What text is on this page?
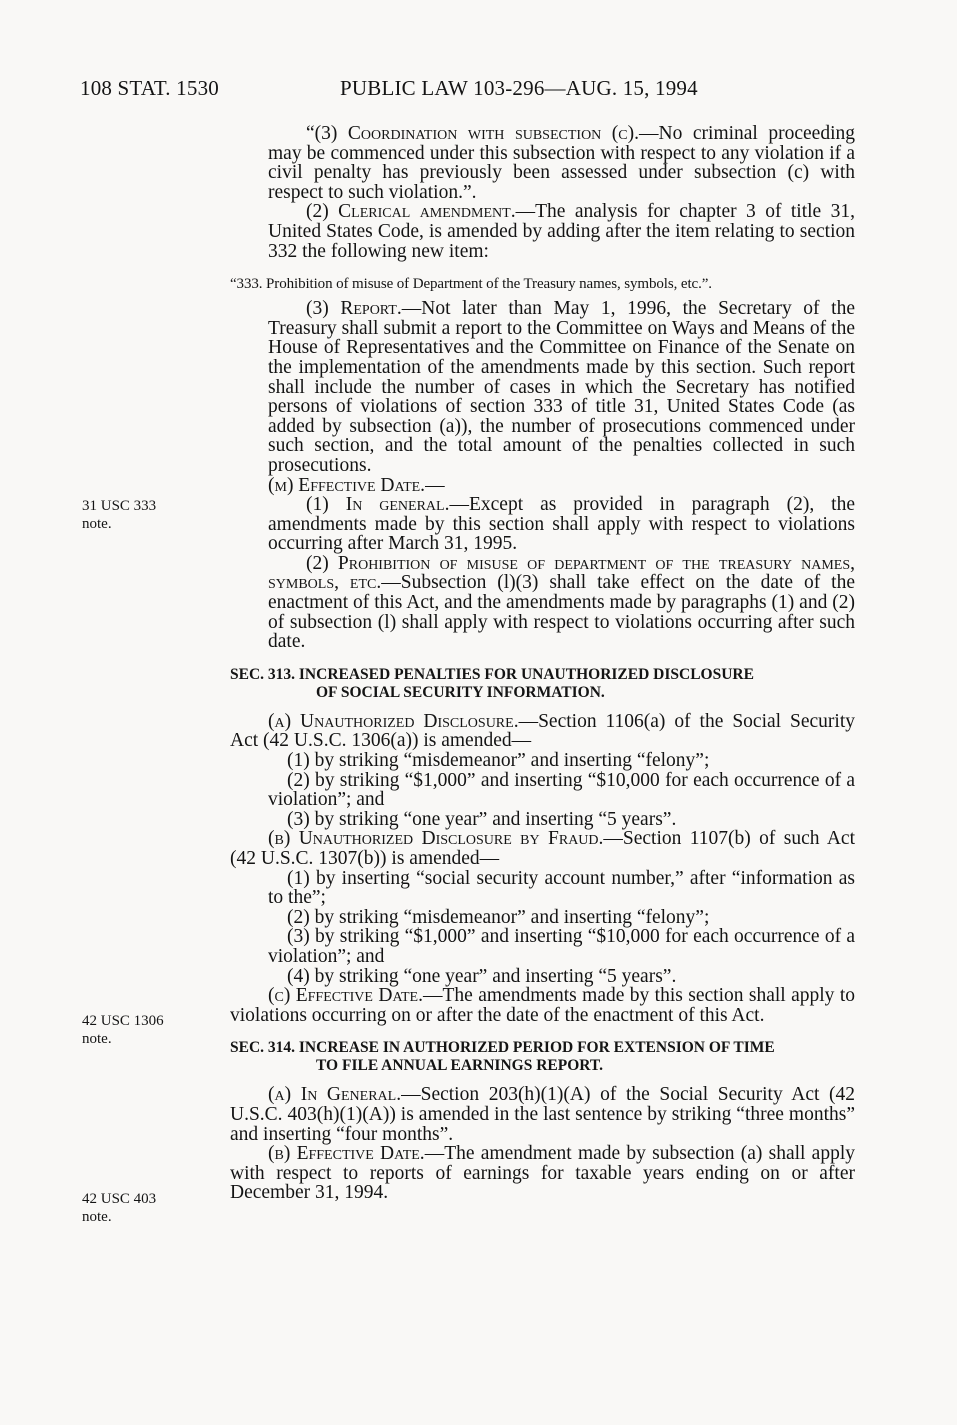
108 STAT. 1530	PUBLIC LAW 103-296—AUG. 15, 1994
31 USC 333
note.
42 USC 1306
note.
42 USC 403
note.

“(3) Coordination with subsection (c).—No criminal proceeding may be commenced under this subsection with respect to any violation if a civil penalty has previously been assessed under subsection (c) with respect to such violation.”.

(2) Clerical amendment.—The analysis for chapter 3 of title 31, United States Code, is amended by adding after the item relating to section 332 the following new item:

“333. Prohibition of misuse of Department of the Treasury names, symbols, etc.”.

(3) Report.—Not later than May 1, 1996, the Secretary of the Treasury shall submit a report to the Committee on Ways and Means of the House of Representatives and the Committee on Finance of the Senate on the implementation of the amendments made by this section. Such report shall include the number of cases in which the Secretary has notified persons of violations of section 333 of title 31, United States Code (as added by subsection (a)), the number of prosecutions commenced under such section, and the total amount of the penalties collected in such prosecutions.

(m) Effective Date.—

(1) In general.—Except as provided in paragraph (2), the amendments made by this section shall apply with respect to violations occurring after March 31, 1995.

(2) Prohibition of misuse of department of the treasury names, symbols, etc.—Subsection (l)(3) shall take effect on the date of the enactment of this Act, and the amendments made by paragraphs (1) and (2) of subsection (l) shall apply with respect to violations occurring after such date.

SEC. 313. INCREASED PENALTIES FOR UNAUTHORIZED DISCLOSURE
OF SOCIAL SECURITY INFORMATION.

(a) Unauthorized Disclosure.—Section 1106(a) of the Social Security Act (42 U.S.C. 1306(a)) is amended—

(1) by striking “misdemeanor” and inserting “felony”;

(2) by striking “$1,000” and inserting “$10,000 for each occurrence of a violation”; and

(3) by striking “one year” and inserting “5 years”.

(b) Unauthorized Disclosure by Fraud.—Section 1107(b) of such Act (42 U.S.C. 1307(b)) is amended—

(1) by inserting “social security account number,” after “information as to the”;

(2) by striking “misdemeanor” and inserting “felony”;

(3) by striking “$1,000” and inserting “$10,000 for each occurrence of a violation”; and

(4) by striking “one year” and inserting “5 years”.

(c) Effective Date.—The amendments made by this section shall apply to violations occurring on or after the date of the enactment of this Act.

SEC. 314. INCREASE IN AUTHORIZED PERIOD FOR EXTENSION OF TIME
TO FILE ANNUAL EARNINGS REPORT.

(a) In General.—Section 203(h)(1)(A) of the Social Security Act (42 U.S.C. 403(h)(1)(A)) is amended in the last sentence by striking “three months” and inserting “four months”.

(b) Effective Date.—The amendment made by subsection (a) shall apply with respect to reports of earnings for taxable years ending on or after December 31, 1994.
